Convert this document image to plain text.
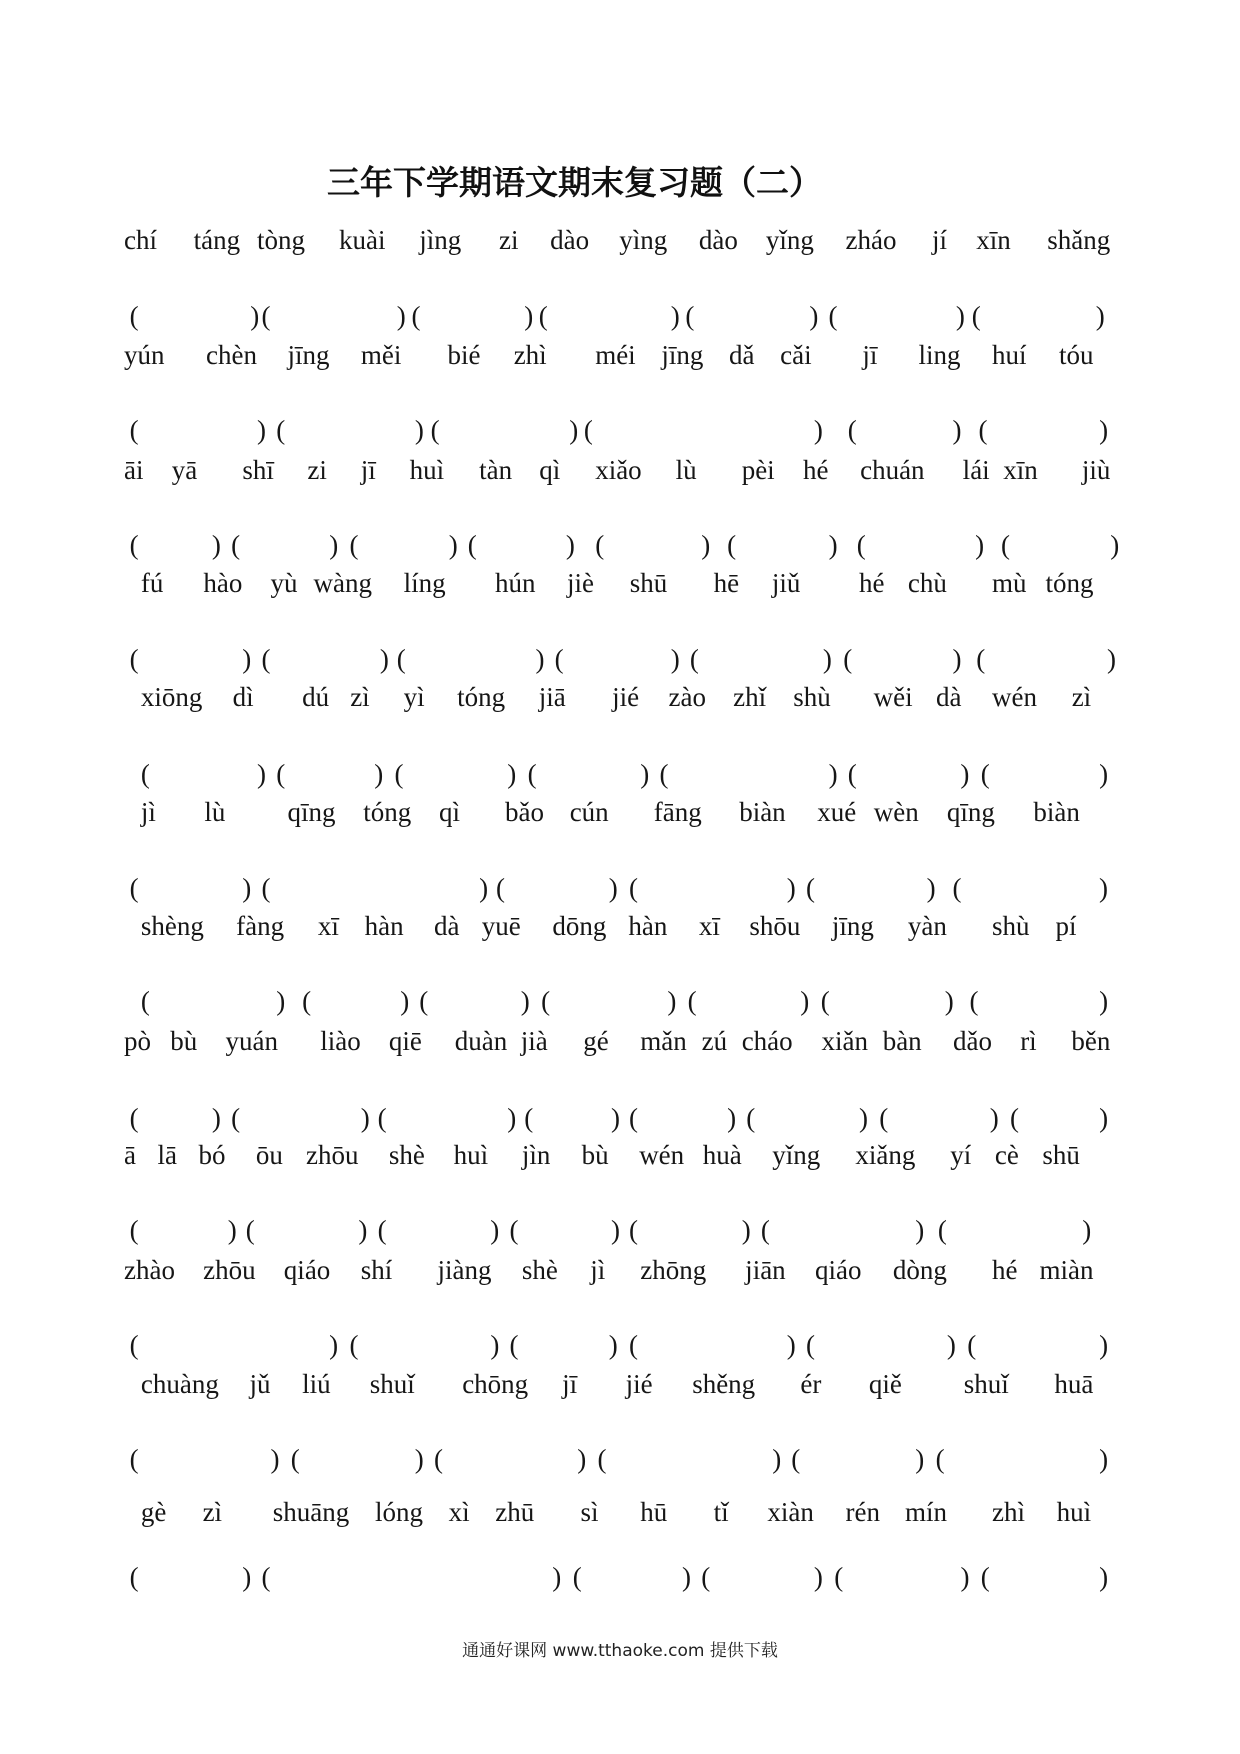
三年下学期语文期末复习题（二）
chí táng tòng kuài jìng zi dào yìng dào yǐng zháo jí xīn shǎng
(	) (	) (	) (	) (	) (	) (	)
yún chèn jīng měi bié zhì méi jīng dǎ cǎi jī ling huí tóu
(	) (	) (	) (	) (	) (	)
āi yā shī zi jī huì tàn qì xiǎo lù pèi hé chuán lái xīn jiù
(	) (	) (	) (	) (	) (	) (	) (	)
fú hào yù wàng líng hún jiè shū hē jiǔ hé chù mù tóng
(	) (	) (	) (	) (	) (	) (	)
xiōng dì dú zì yì tóng jiā jié zào zhǐ shù wěi dà wén zì
(	) (	) (	) (	) (	) (	) (	)
jì lù qīng tóng qì bǎo cún fāng biàn xué wèn qīng biàn
(	) (	) (	) (	) (	) (	)
shèng fàng xī hàn dà yuē dōng hàn xī shōu jīng yàn shù pí
(	) (	) (	) (	) (	) (	) (	)
pò bù yuán liào qiē duàn jià gé mǎn zú cháo xiǎn bàn dǎo rì běn
(	) (	) (	) (	) (	) (	) (	) (	)
ā lā bó ōu zhōu shè huì jìn bù wén huà yǐng xiǎng yí cè shū
(	) (	) (	) (	) (	) (	) (	)
zhào zhōu qiáo shí jiàng shè jì zhōng jiān qiáo dòng hé miàn
(	) (	) (	) (	) (	) (	)
chuàng jǔ liú shuǐ chōng jī jié shěng ér qiě shuǐ huā
(	) (	) (	) (	) (	) (	)
gè zì shuāng lóng xì zhū sì hū tǐ xiàn rén mín zhì huì
(	) (	) (	) (	) (	) (	)
通通好课网 www.tthaoke.com 提供下载
